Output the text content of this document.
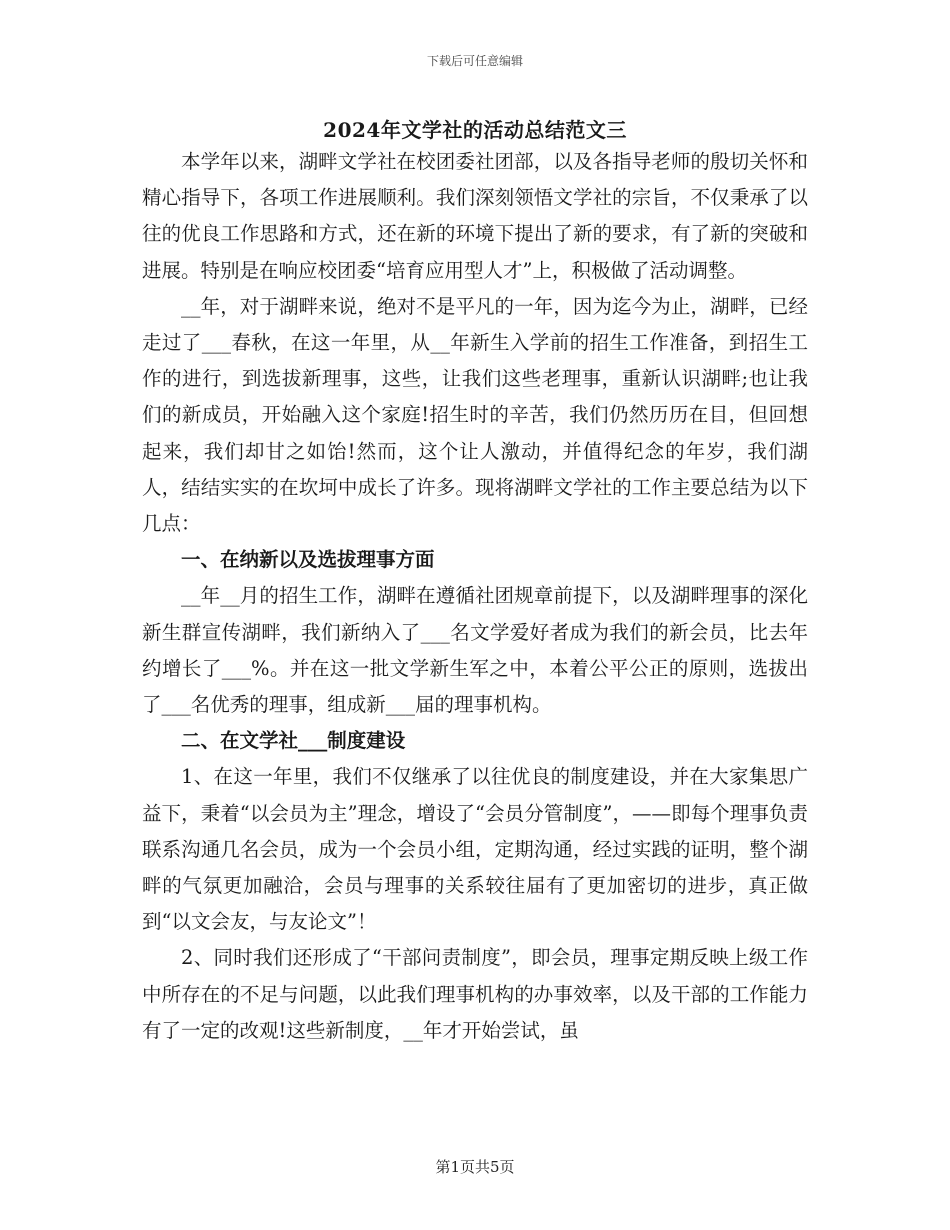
下载后可任意编辑
2024年文学社的活动总结范文三

本学年以来，湖畔文学社在校团委社团部，以及各指导老师的殷切关怀和精心指导下，各项工作进展顺利。我们深刻领悟文学社的宗旨，不仅秉承了以往的优良工作思路和方式，还在新的环境下提出了新的要求，有了新的突破和进展。特别是在响应校团委“培育应用型人才”上，积极做了活动调整。

__年，对于湖畔来说，绝对不是平凡的一年，因为迄今为止，湖畔，已经走过了___春秋，在这一年里，从__年新生入学前的招生工作准备，到招生工作的进行，到选拔新理事，这些，让我们这些老理事，重新认识湖畔;也让我们的新成员，开始融入这个家庭!招生时的辛苦，我们仍然历历在目，但回想起来，我们却甘之如饴!然而，这个让人激动，并值得纪念的年岁，我们湖人，结结实实的在坎坷中成长了许多。现将湖畔文学社的工作主要总结为以下几点：

一、在纳新以及选拔理事方面

__年__月的招生工作，湖畔在遵循社团规章前提下，以及湖畔理事的深化新生群宣传湖畔，我们新纳入了___名文学爱好者成为我们的新会员，比去年约增长了___%。并在这一批文学新生军之中，本着公平公正的原则，选拔出了___名优秀的理事，组成新___届的理事机构。

二、在文学社___制度建设

1、在这一年里，我们不仅继承了以往优良的制度建设，并在大家集思广益下，秉着“以会员为主”理念，增设了“会员分管制度”，——即每个理事负责联系沟通几名会员，成为一个会员小组，定期沟通，经过实践的证明，整个湖畔的气氛更加融洽，会员与理事的关系较往届有了更加密切的进步，真正做到“以文会友，与友论文”！

2、同时我们还形成了“干部问责制度”，即会员，理事定期反映上级工作中所存在的不足与问题，以此我们理事机构的办事效率，以及干部的工作能力有了一定的改观!这些新制度，__年才开始尝试，虽

第1页共5页
